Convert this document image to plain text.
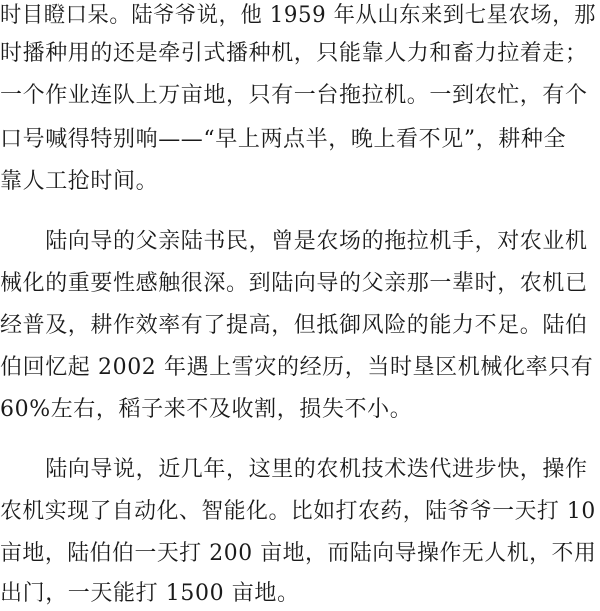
时目瞪口呆。陆爷爷说，他 1959 年从山东来到七星农场，那
时播种用的还是牵引式播种机，只能靠人力和畜力拉着走；
一个作业连队上万亩地，只有一台拖拉机。一到农忙，有个
口号喊得特别响——“早上两点半，晚上看不见”，耕种全
靠人工抢时间。
　　陆向导的父亲陆书民，曾是农场的拖拉机手，对农业机
械化的重要性感触很深。到陆向导的父亲那一辈时，农机已
经普及，耕作效率有了提高，但抵御风险的能力不足。陆伯
伯回忆起 2002 年遇上雪灾的经历，当时垦区机械化率只有
60%左右，稻子来不及收割，损失不小。
　　陆向导说，近几年，这里的农机技术迭代进步快，操作
农机实现了自动化、智能化。比如打农药，陆爷爷一天打 10
亩地，陆伯伯一天打 200 亩地，而陆向导操作无人机，不用
出门，一天能打 1500 亩地。
